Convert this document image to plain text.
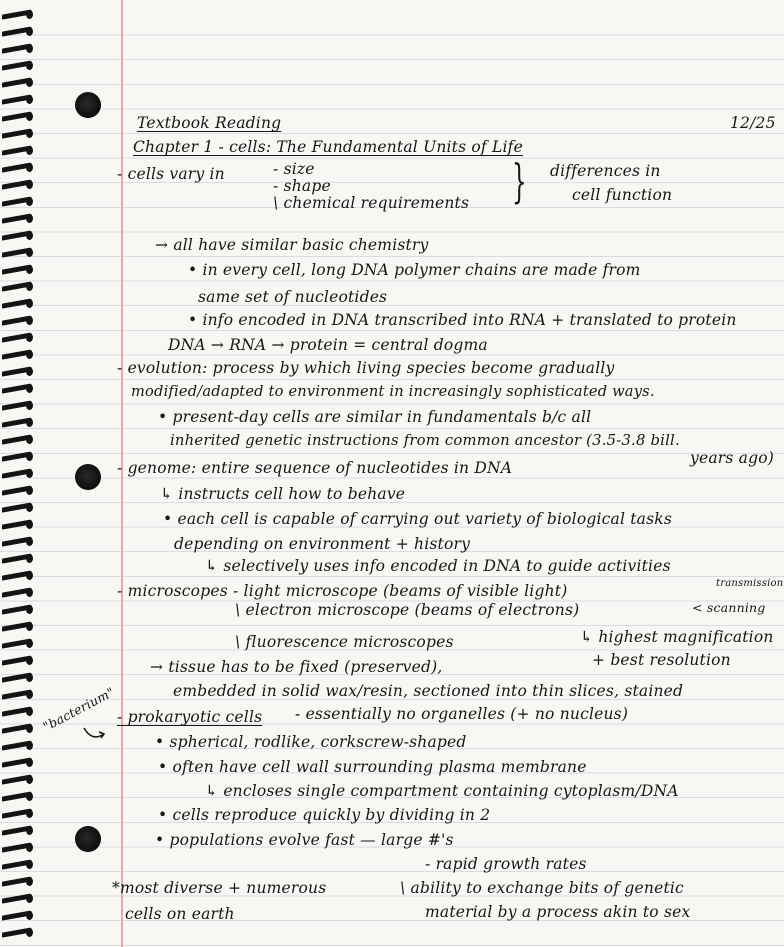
Textbook Reading	12/25
Chapter 1 - cells: The Fundamental Units of Life
- cells vary in	- size
- shape
\ chemical requirements } differences in
cell function
→ all have similar basic chemistry
• in every cell, long DNA polymer chains are made from
same set of nucleotides
• info encoded in DNA transcribed into RNA + translated to protein
DNA → RNA → protein = central dogma
- evolution: process by which living species become gradually
modified/adapted to environment in increasingly sophisticated ways.
• present-day cells are similar in fundamentals b/c all
inherited genetic instructions from common ancestor (3.5-3.8 bill.
years ago)
- genome: entire sequence of nucleotides in DNA
↳ instructs cell how to behave
• each cell is capable of carrying out variety of biological tasks
depending on environment + history
↳ selectively uses info encoded in DNA to guide activities
- microscopes - light microscope (beams of visible light)	transmission
\ electron microscope (beams of electrons)	< scanning
\ fluorescence microscopes	↳ highest magnification
→ tissue has to be fixed (preserved),	+ best resolution
embedded in solid wax/resin, sectioned into thin slices, stained
- prokaryotic cells - essentially no organelles (+ no nucleus)
"bacterium"
• spherical, rodlike, corkscrew-shaped
• often have cell wall surrounding plasma membrane
↳ encloses single compartment containing cytoplasm/DNA
• cells reproduce quickly by dividing in 2
• populations evolve fast — large #'s
- rapid growth rates
*most diverse + numerous	\ ability to exchange bits of genetic
cells on earth	material by a process akin to sex
